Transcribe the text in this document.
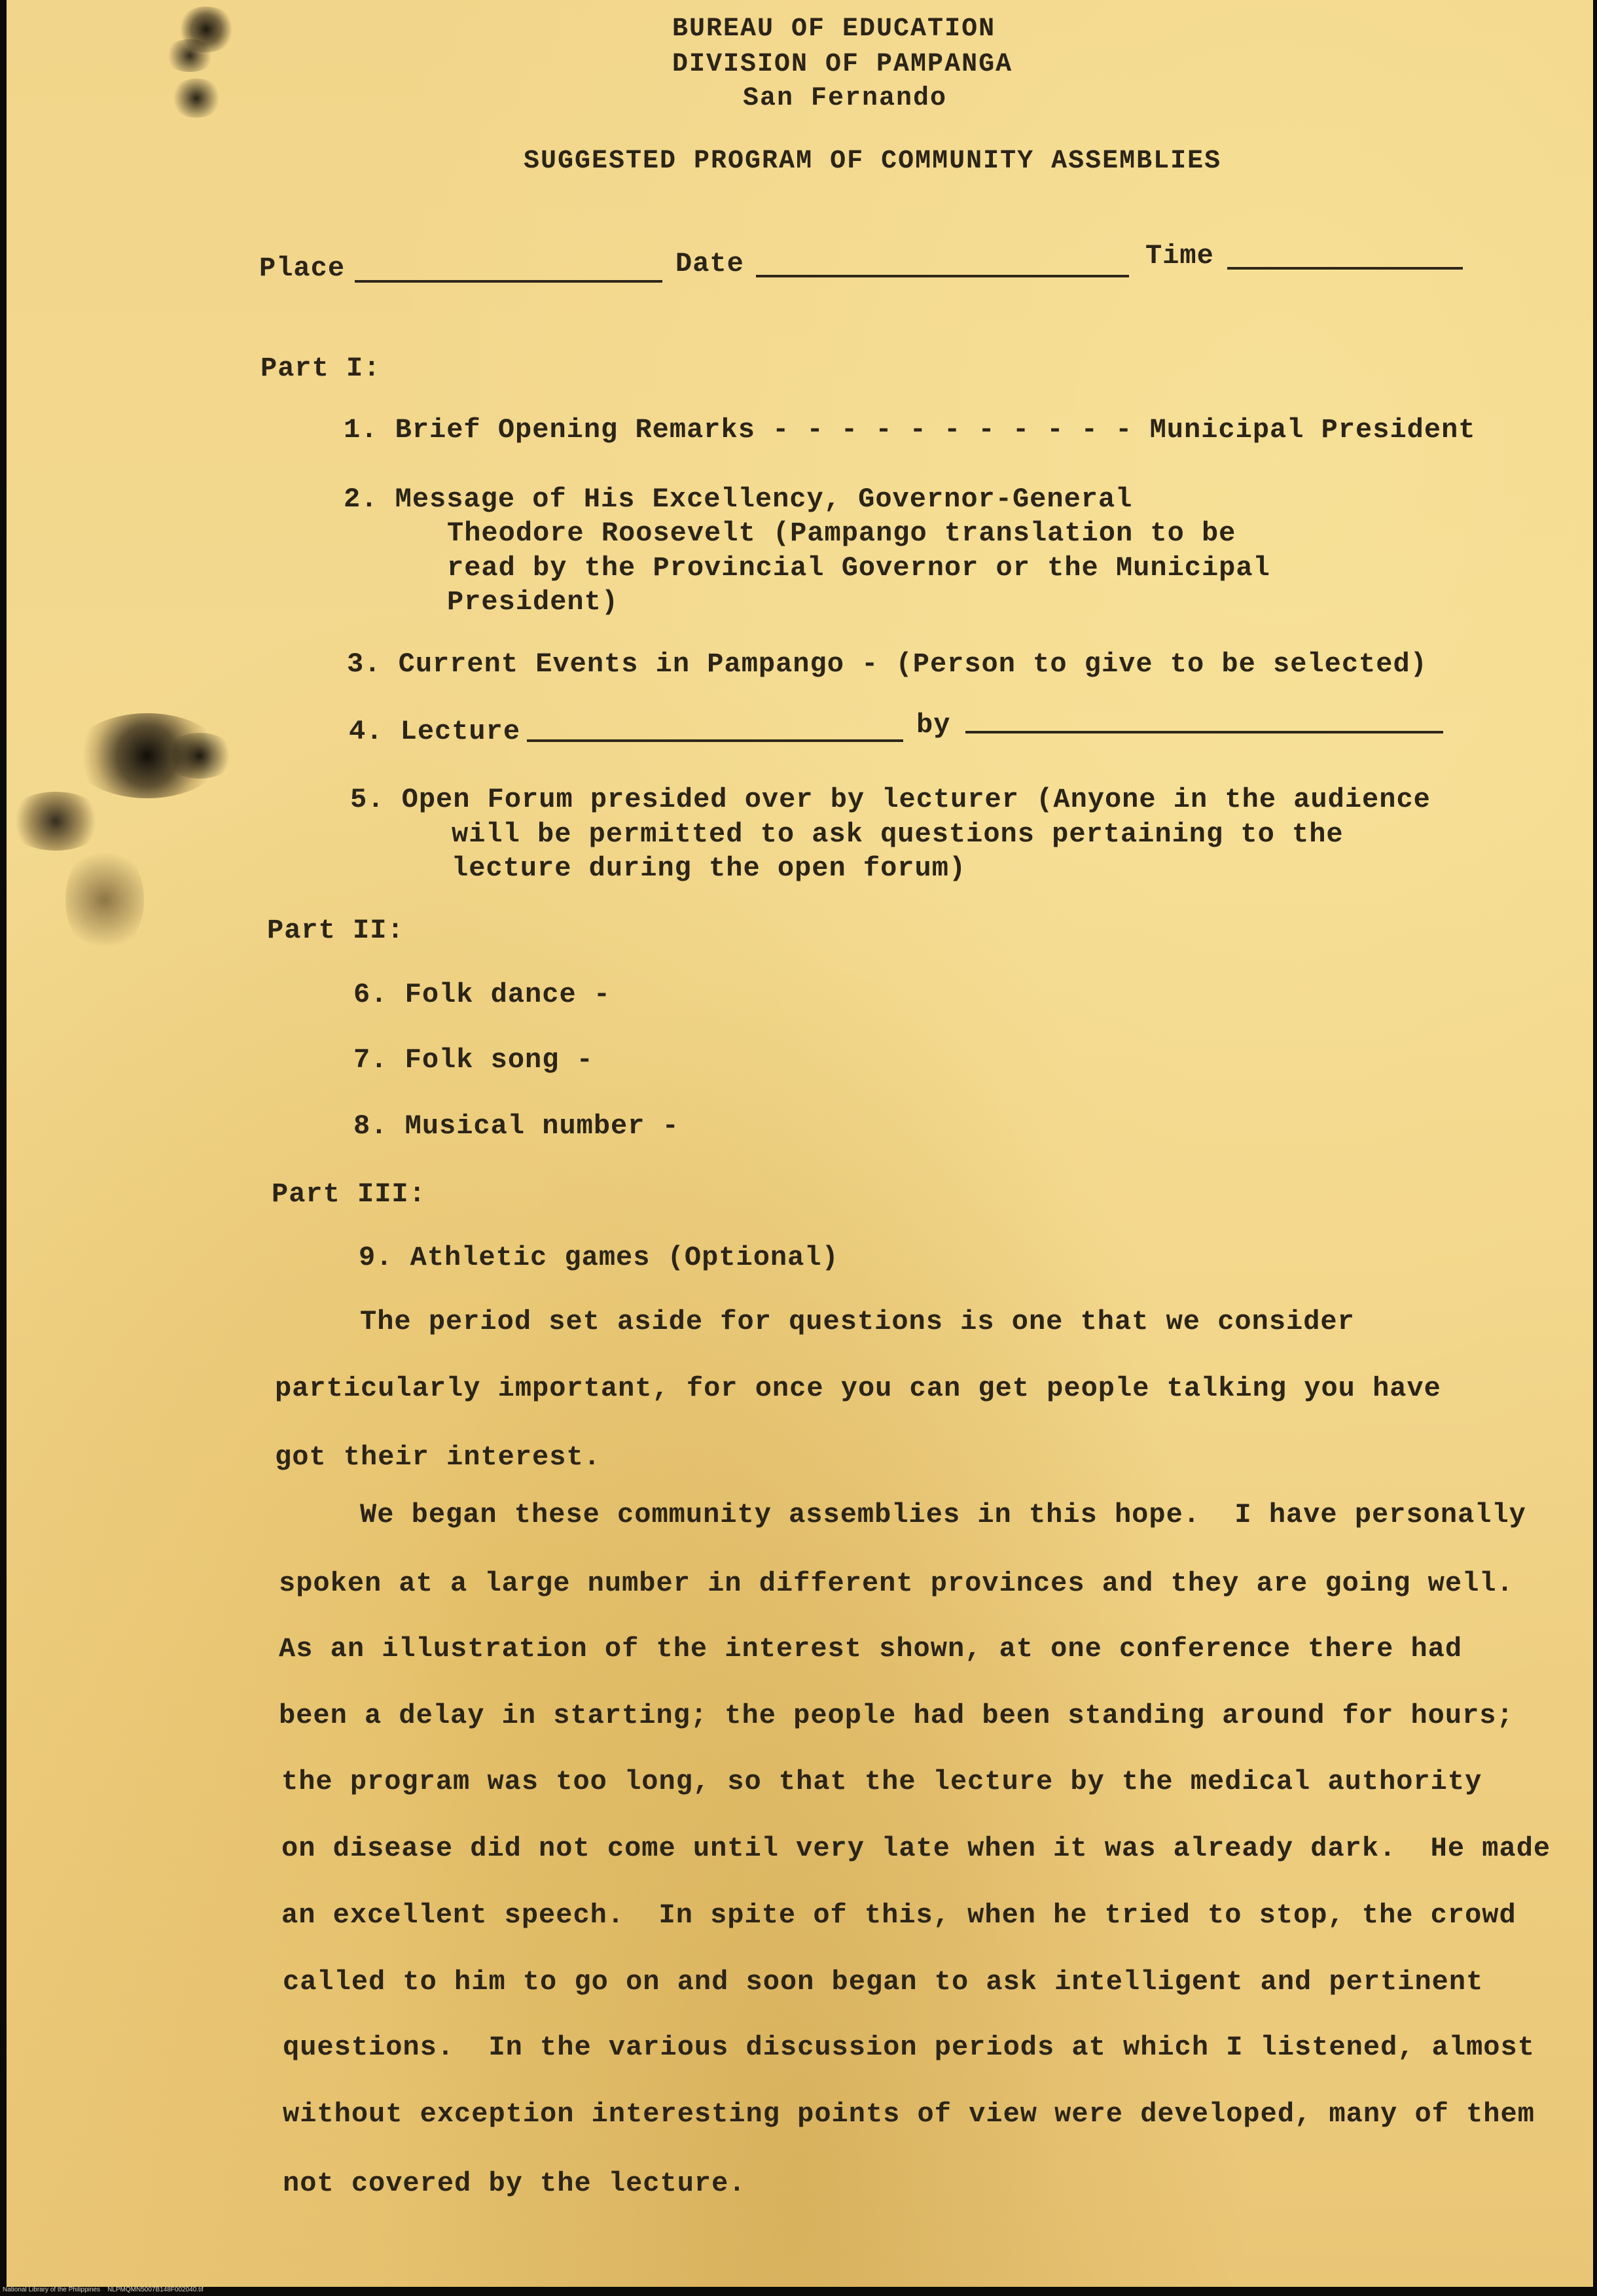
BUREAU OF EDUCATION
DIVISION OF PAMPANGA
San Fernando
SUGGESTED PROGRAM OF COMMUNITY ASSEMBLIES
Place	Date	Time
Part I:
1. Brief Opening Remarks - - - - - - - - - - - Municipal President
2. Message of His Excellency, Governor-General
Theodore Roosevelt (Pampango translation to be
read by the Provincial Governor or the Municipal
President)
3. Current Events in Pampango - (Person to give to be selected)
4. Lecture	by
5. Open Forum presided over by lecturer (Anyone in the audience
will be permitted to ask questions pertaining to the
lecture during the open forum)
Part II:
6. Folk dance -
7. Folk song -
8. Musical number -
Part III:
9. Athletic games (Optional)
The period set aside for questions is one that we consider
particularly important, for once you can get people talking you have
got their interest.
We began these community assemblies in this hope.  I have personally
spoken at a large number in different provinces and they are going well.
As an illustration of the interest shown, at one conference there had
been a delay in starting; the people had been standing around for hours;
the program was too long, so that the lecture by the medical authority
on disease did not come until very late when it was already dark.  He made
an excellent speech.  In spite of this, when he tried to stop, the crowd
called to him to go on and soon began to ask intelligent and pertinent
questions.  In the various discussion periods at which I listened, almost
without exception interesting points of view were developed, many of them
not covered by the lecture.
National Library of the Philippines    NLPMQMN5007B148F002040.tif
